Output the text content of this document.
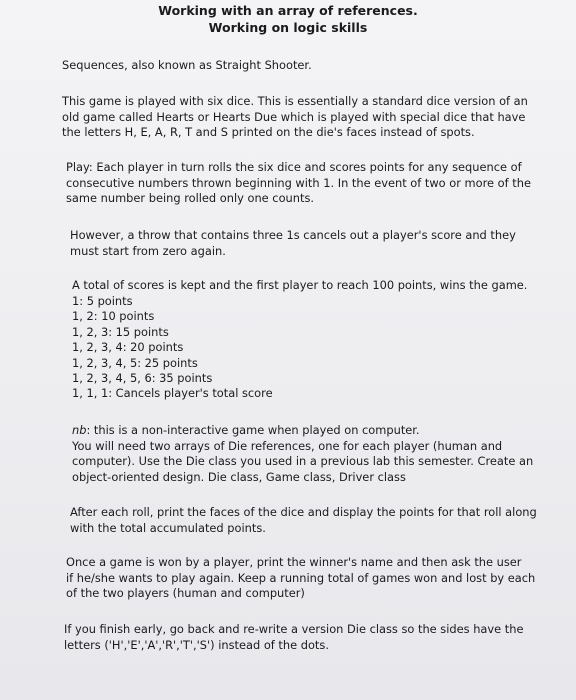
Working with an array of references.
Working on logic skills

Sequences, also known as Straight Shooter.

This game is played with six dice. This is essentially a standard dice version of an
old game called Hearts or Hearts Due which is played with special dice that have
the letters H, E, A, R, T and S printed on the die's faces instead of spots.

Play: Each player in turn rolls the six dice and scores points for any sequence of
consecutive numbers thrown beginning with 1. In the event of two or more of the
same number being rolled only one counts.

However, a throw that contains three 1s cancels out a player's score and they
must start from zero again.

A total of scores is kept and the first player to reach 100 points, wins the game.

1: 5 points
1, 2: 10 points
1, 2, 3: 15 points
1, 2, 3, 4: 20 points
1, 2, 3, 4, 5: 25 points
1, 2, 3, 4, 5, 6: 35 points
1, 1, 1: Cancels player's total score

nb: this is a non-interactive game when played on computer.
You will need two arrays of Die references, one for each player (human and
computer). Use the Die class you used in a previous lab this semester. Create an
object-oriented design. Die class, Game class, Driver class

After each roll, print the faces of the dice and display the points for that roll along
with the total accumulated points.

Once a game is won by a player, print the winner's name and then ask the user
if he/she wants to play again. Keep a running total of games won and lost by each
of the two players (human and computer)

If you finish early, go back and re-write a version Die class so the sides have the
letters ('H','E','A','R','T','S') instead of the dots.
